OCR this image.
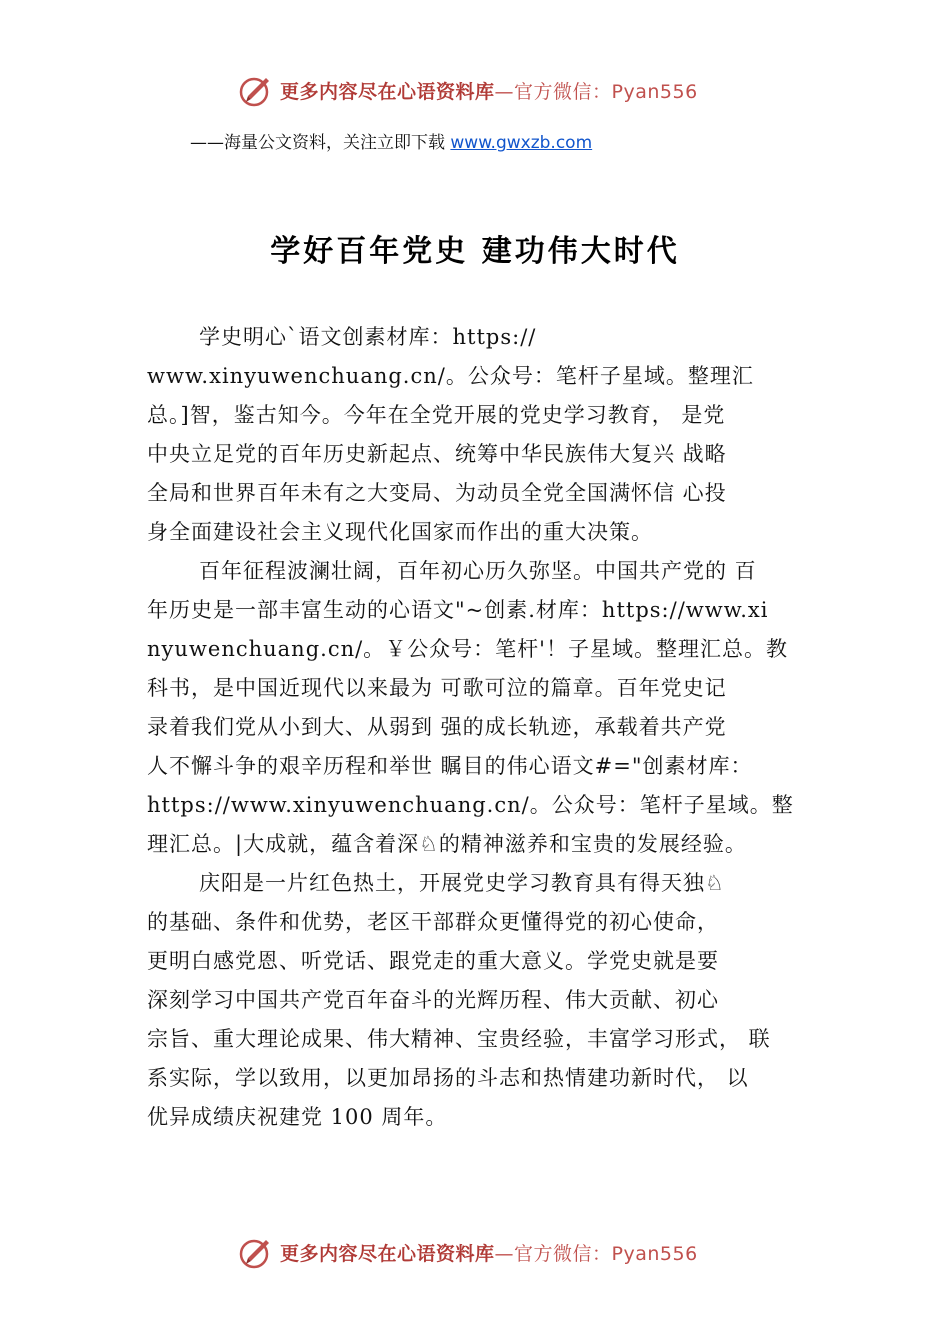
更多内容尽在心语资料库—官方微信：Pyan556
——海量公文资料，关注立即下载 www.gwxzb.com
学好百年党史 建功伟大时代
学史明心`语文创素材库：https://
www.xinyuwenchuang.cn/。公众号：笔杆子星域。整理汇
总。]智，鉴古知今。今年在全党开展的党史学习教育， 是党
中央立足党的百年历史新起点、统筹中华民族伟大复兴 战略
全局和世界百年未有之大变局、为动员全党全国满怀信 心投
身全面建设社会主义现代化国家而作出的重大决策。
百年征程波澜壮阔，百年初心历久弥坚。中国共产党的 百
年历史是一部丰富生动的心语文"~创素.材库：https://www.xi
nyuwenchuang.cn/。￥公众号：笔杆'！子星域。整理汇总。教
科书，是中国近现代以来最为 可歌可泣的篇章。百年党史记
录着我们党从小到大、从弱到 强的成长轨迹，承载着共产党
人不懈斗争的艰辛历程和举世 瞩目的伟心语文#="创素材库：
https://www.xinyuwenchuang.cn/。公众号：笔杆子星域。整
理汇总。|大成就，蕴含着深♘的精神滋养和宝贵的发展经验。
庆阳是一片红色热土，开展党史学习教育具有得天独♘
的基础、条件和优势，老区干部群众更懂得党的初心使命，
更明白感党恩、听党话、跟党走的重大意义。学党史就是要
深刻学习中国共产党百年奋斗的光辉历程、伟大贡献、初心
宗旨、重大理论成果、伟大精神、宝贵经验，丰富学习形式， 联
系实际，学以致用，以更加昂扬的斗志和热情建功新时代， 以
优异成绩庆祝建党 100 周年。
更多内容尽在心语资料库—官方微信：Pyan556
